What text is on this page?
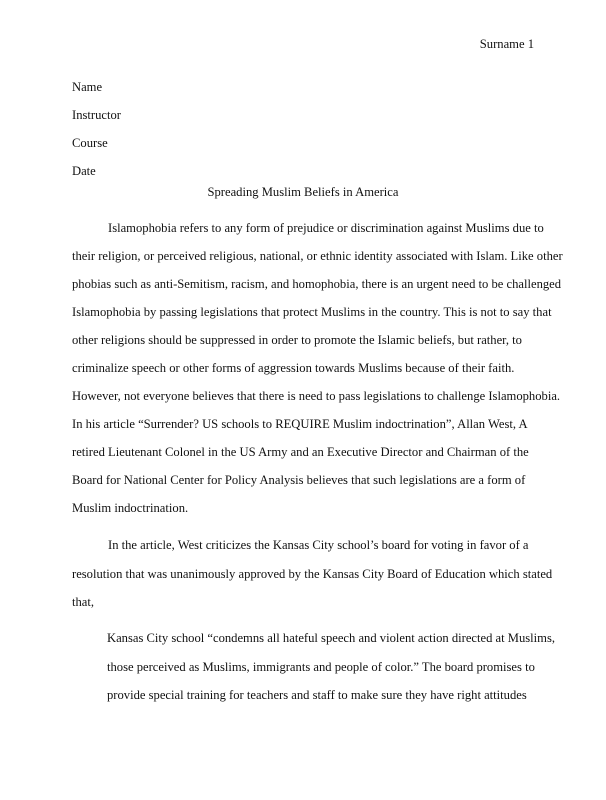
Surname 1
Name
Instructor
Course
Date
Spreading Muslim Beliefs in America
Islamophobia refers to any form of prejudice or discrimination against Muslims due to
their religion, or perceived religious, national, or ethnic identity associated with Islam. Like other
phobias such as anti-Semitism, racism, and homophobia, there is an urgent need to be challenged
Islamophobia by passing legislations that protect Muslims in the country. This is not to say that
other religions should be suppressed in order to promote the Islamic beliefs, but rather, to
criminalize speech or other forms of aggression towards Muslims because of their faith.
However, not everyone believes that there is need to pass legislations to challenge Islamophobia.
In his article “Surrender? US schools to REQUIRE Muslim indoctrination”, Allan West, A
retired Lieutenant Colonel in the US Army and an Executive Director and Chairman of the
Board for National Center for Policy Analysis believes that such legislations are a form of
Muslim indoctrination.
In the article, West criticizes the Kansas City school’s board for voting in favor of a
resolution that was unanimously approved by the Kansas City Board of Education which stated
that,
Kansas City school “condemns all hateful speech and violent action directed at Muslims,
those perceived as Muslims, immigrants and people of color.” The board promises to
provide special training for teachers and staff to make sure they have right attitudes
